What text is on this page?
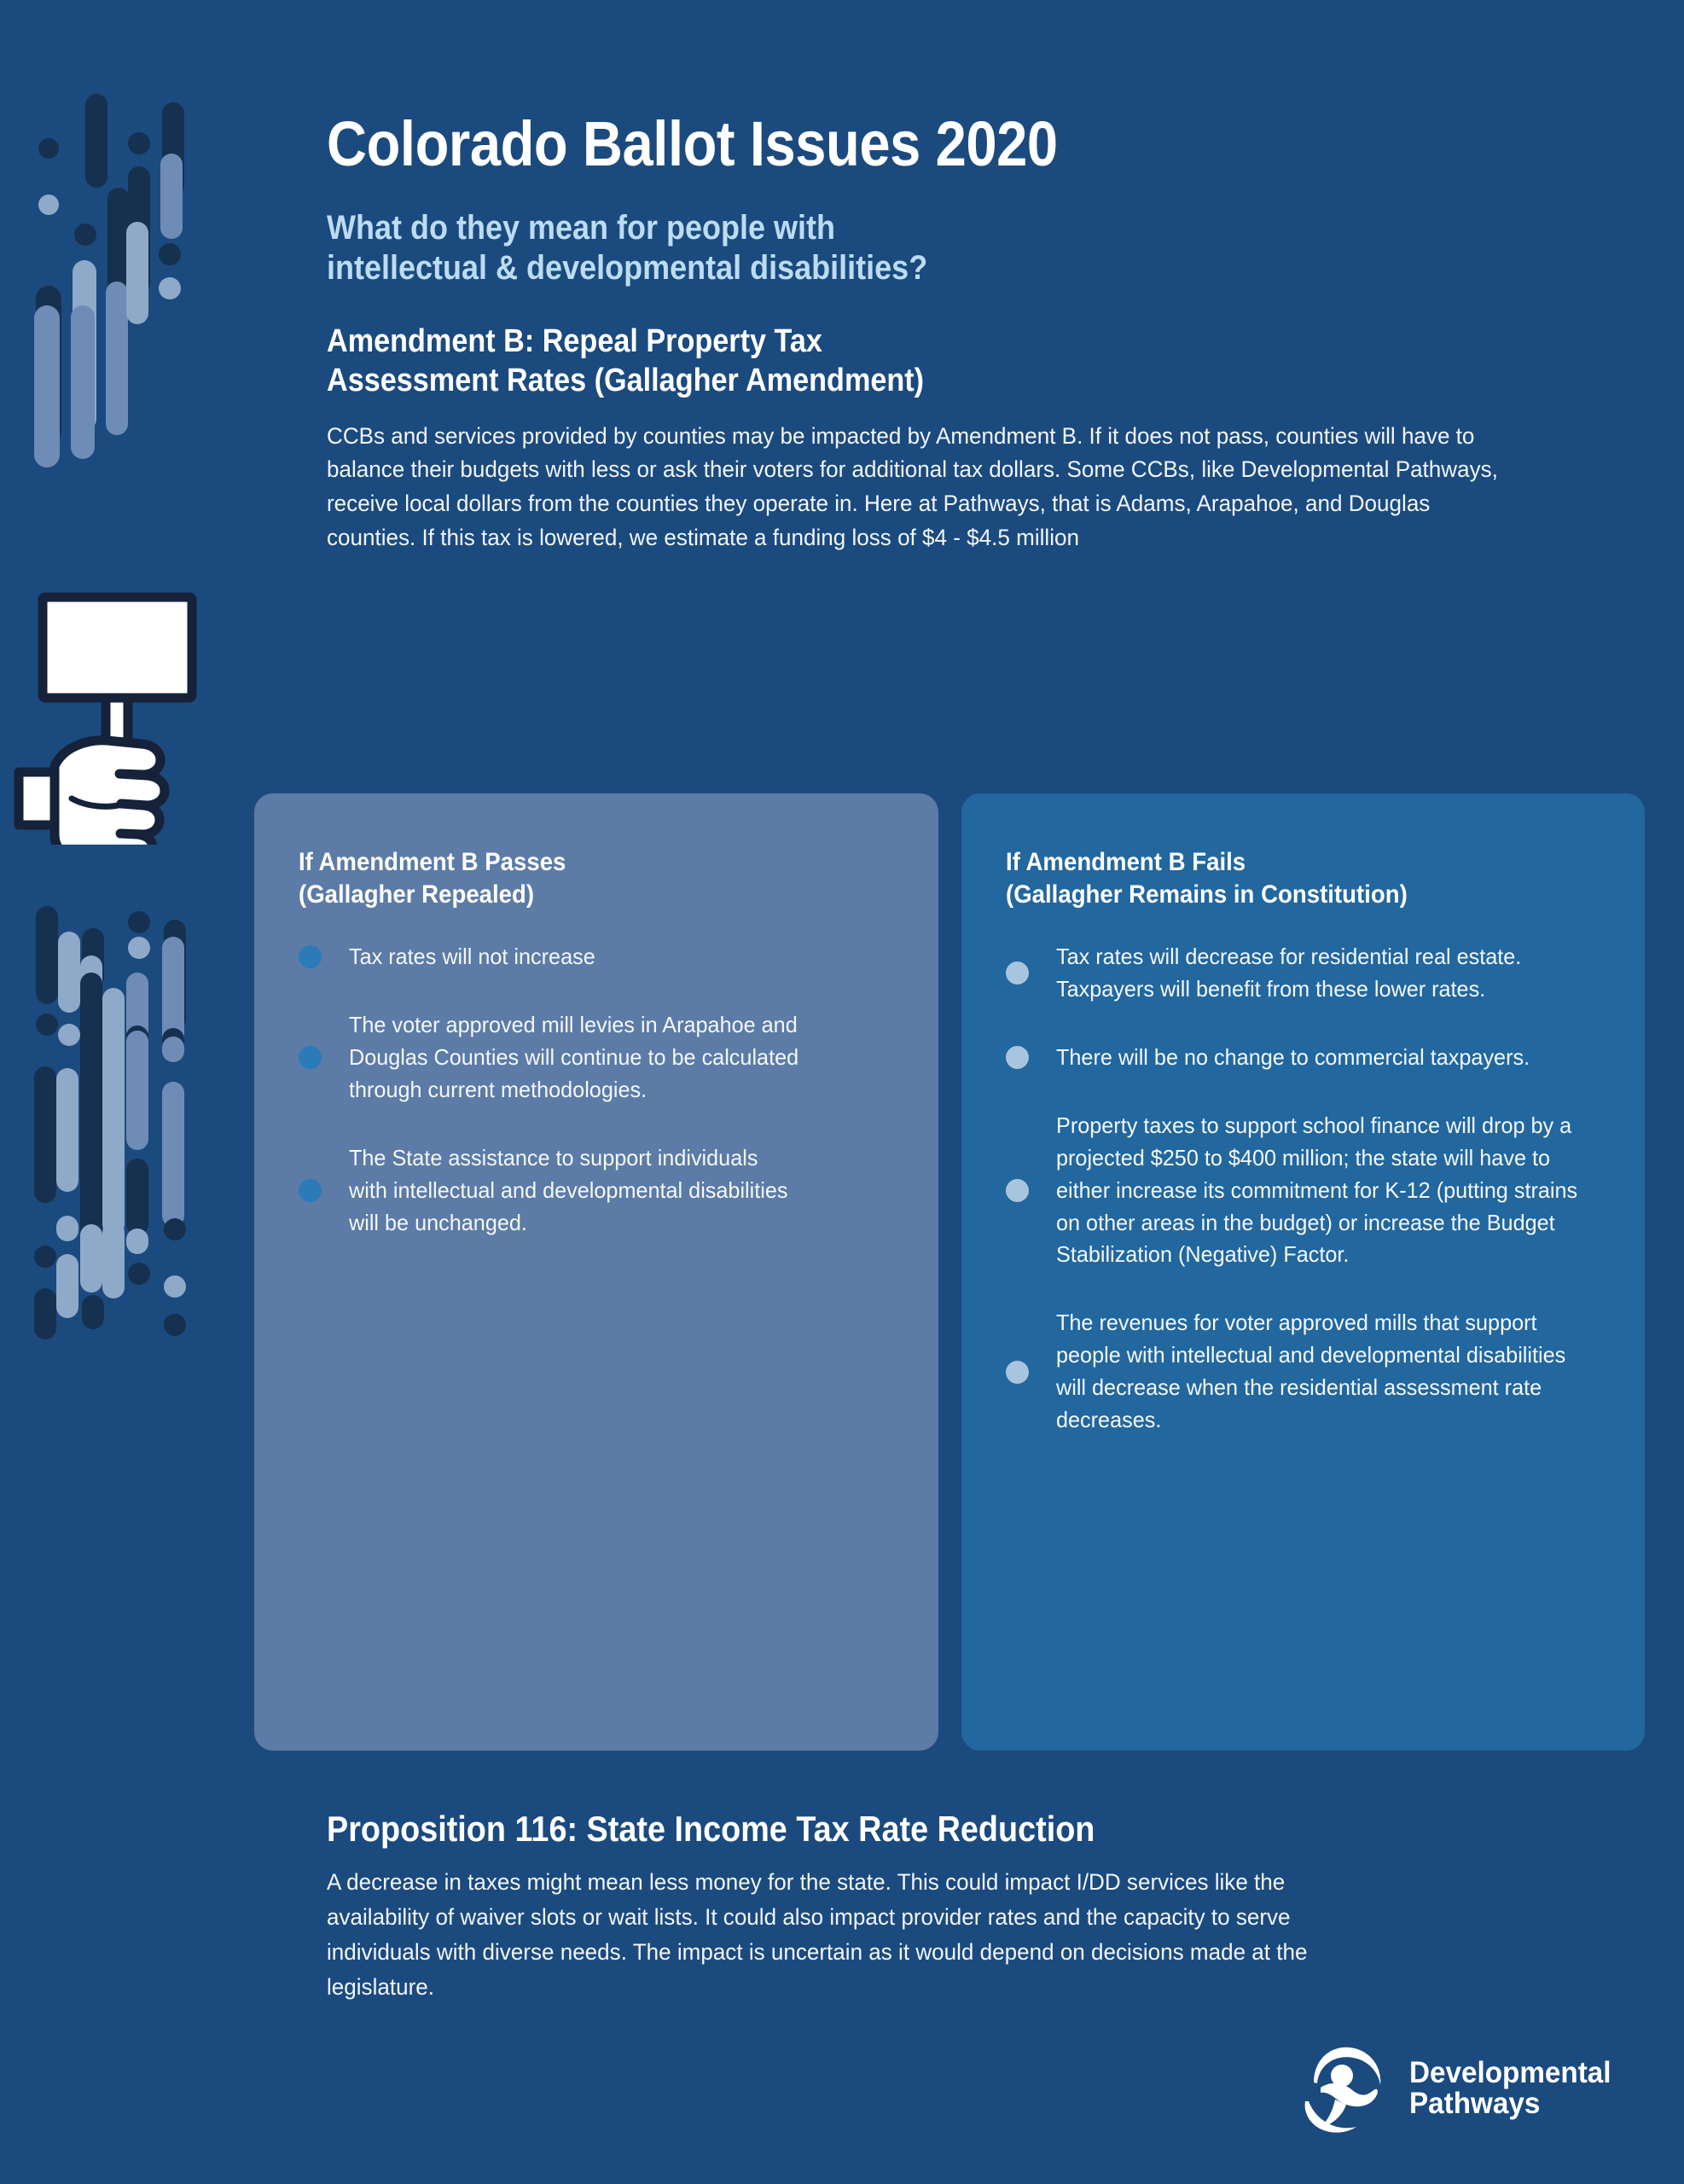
Colorado Ballot Issues 2020
What do they mean for people with
intellectual & developmental disabilities?
Amendment B: Repeal Property Tax
Assessment Rates (Gallagher Amendment)

CCBs and services provided by counties may be impacted by Amendment B. If it does not pass, counties will have to balance their budgets with less or ask their voters for additional tax dollars. Some CCBs, like Developmental Pathways, receive local dollars from the counties they operate in. Here at Pathways, that is Adams, Arapahoe, and Douglas counties. If this tax is lowered, we estimate a funding loss of $4 - $4.5 million

If Amendment B Passes
(Gallagher Repealed)
Tax rates will not increase
The voter approved mill levies in Arapahoe and Douglas Counties will continue to be calculated through current methodologies.
The State assistance to support individuals with intellectual and developmental disabilities will be unchanged.
If Amendment B Fails
(Gallagher Remains in Constitution)
Tax rates will decrease for residential real estate. Taxpayers will benefit from these lower rates.
There will be no change to commercial taxpayers.
Property taxes to support school finance will drop by a projected $250 to $400 million; the state will have to either increase its commitment for K-12 (putting strains on other areas in the budget) or increase the Budget Stabilization (Negative) Factor.
The revenues for voter approved mills that support people with intellectual and developmental disabilities will decrease when the residential assessment rate decreases.
Proposition 116: State Income Tax Rate Reduction

A decrease in taxes might mean less money for the state. This could impact I/DD services like the availability of waiver slots or wait lists. It could also impact provider rates and the capacity to serve individuals with diverse needs. The impact is uncertain as it would depend on decisions made at the legislature.

Developmental
Pathways
